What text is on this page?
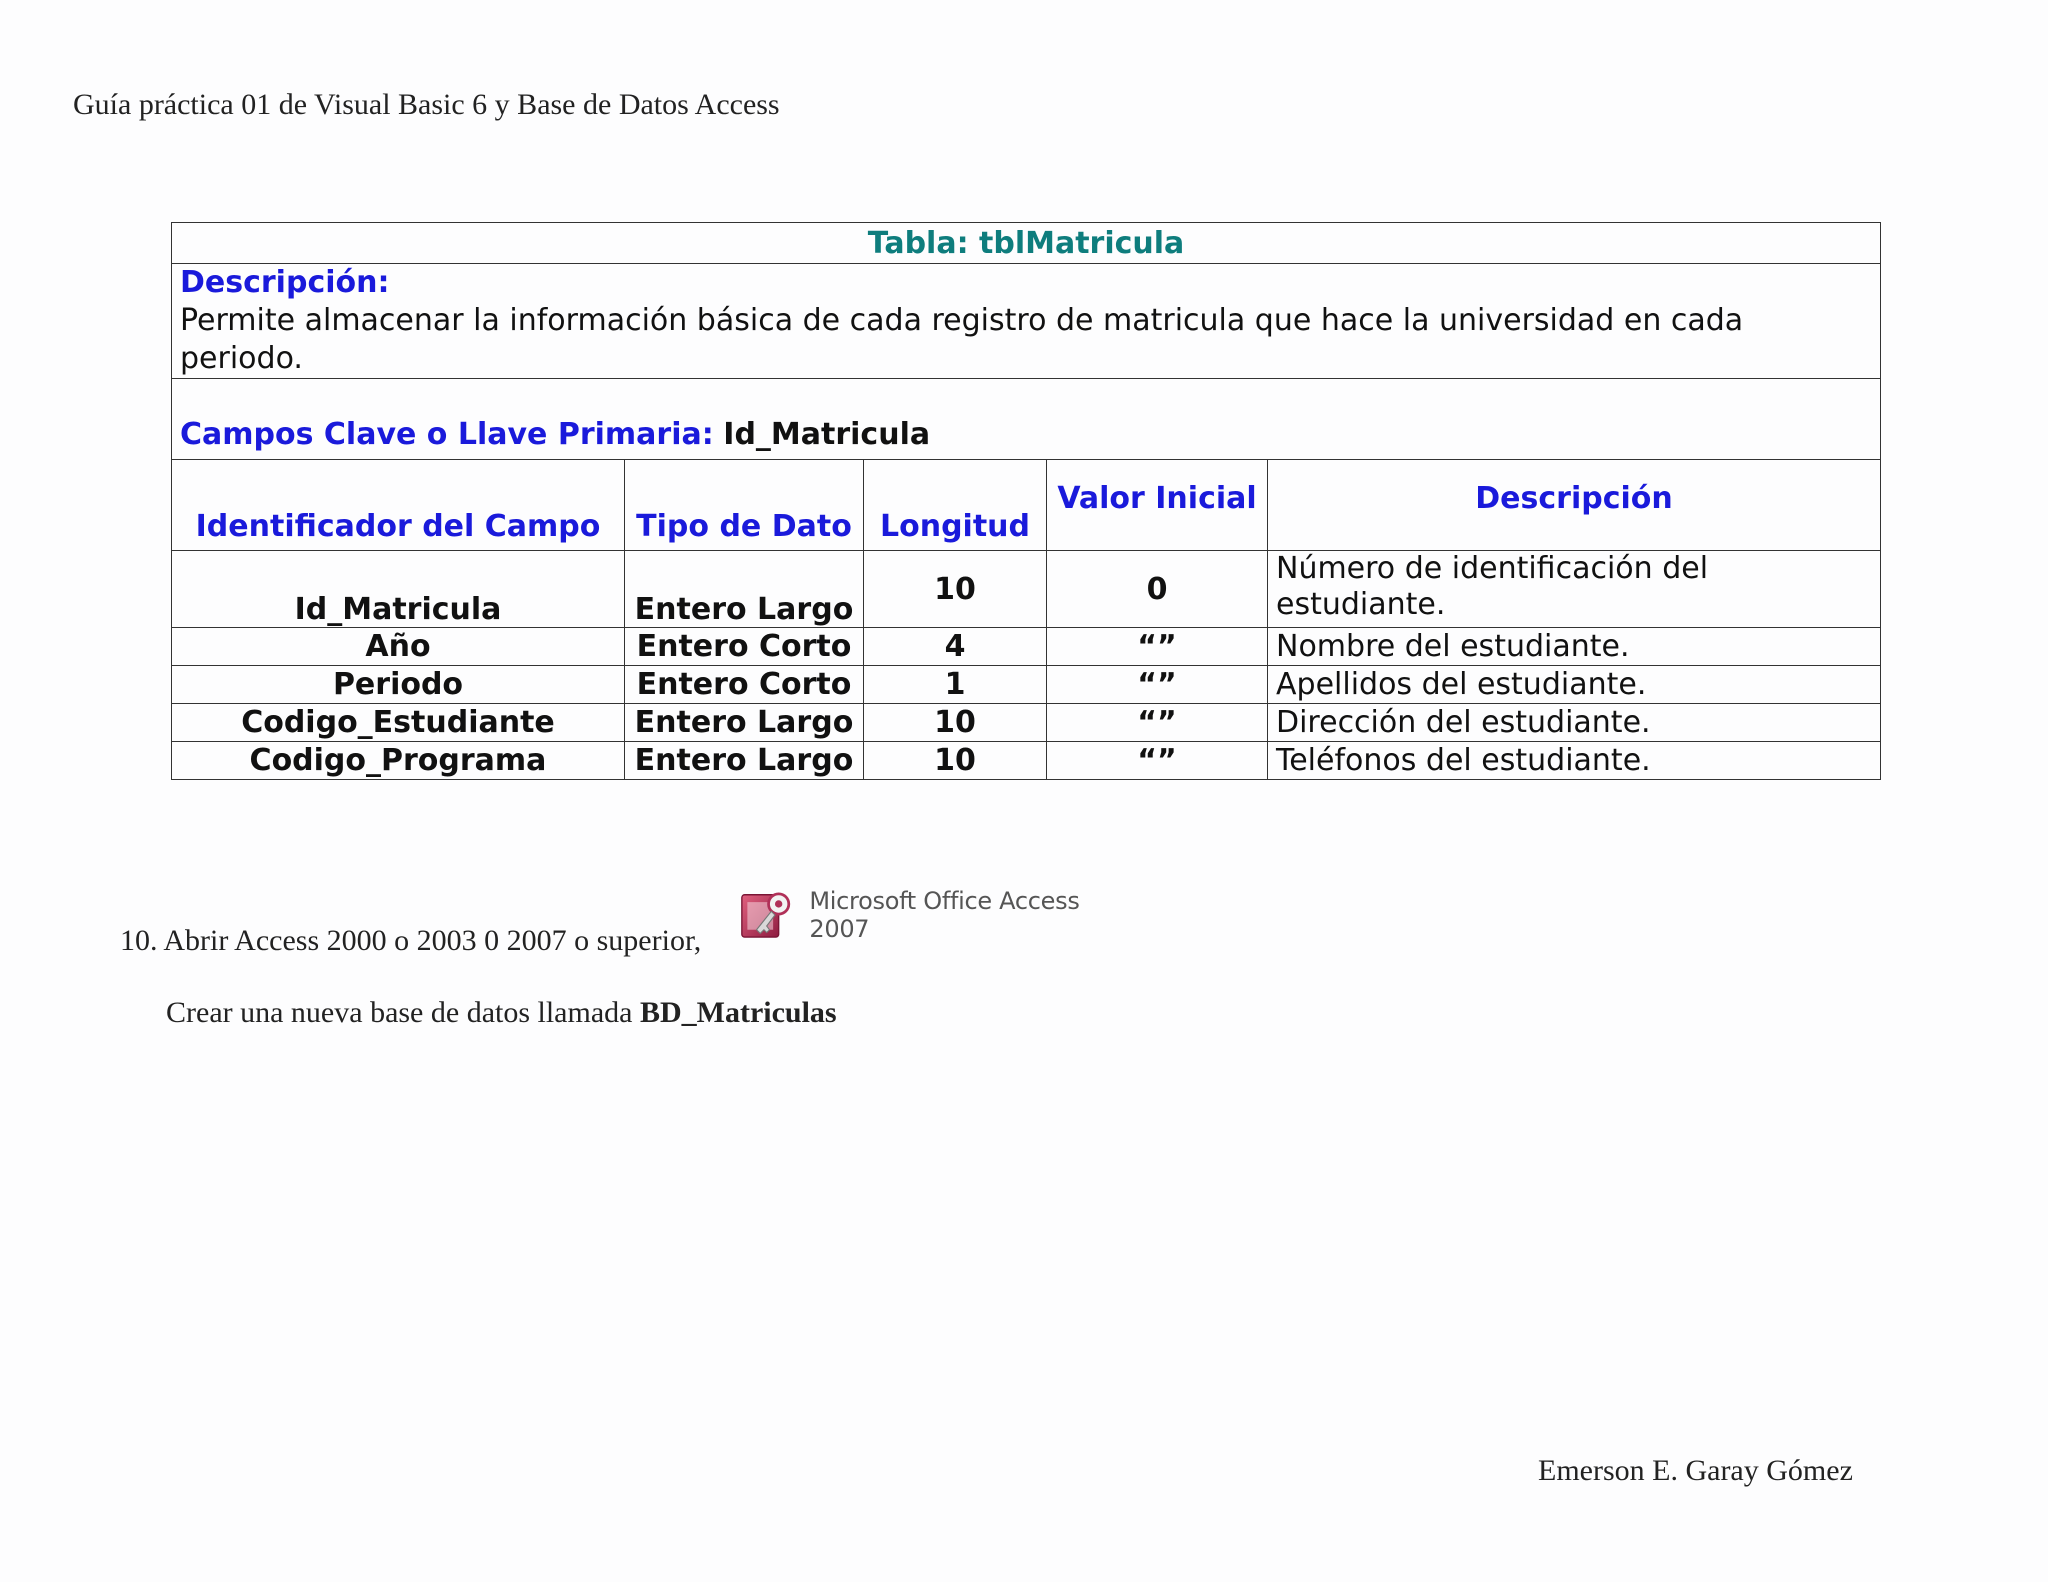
Guía práctica 01 de Visual Basic 6 y Base de Datos Access
Tabla: tblMatricula				

Descripción:
Permite almacenar la información básica de cada registro de matricula que hace la universidad en cada periodo.				

Campos Clave o Llave Primaria: Id_Matricula				
Identificador del Campo	Tipo de Dato	Longitud	Valor Inicial	Descripción
Id_Matricula	Entero Largo	10	0	Número de identificación del estudiante.
Año	Entero Corto	4	“”	Nombre del estudiante.
Periodo	Entero Corto	1	“”	Apellidos del estudiante.
Codigo_Estudiante	Entero Largo	10	“”	Dirección del estudiante.
Codigo_Programa	Entero Largo	10	“”	Teléfonos del estudiante.
10. Abrir Access 2000 o 2003 0 2007 o superior,
Microsoft Office Access 2007
Crear una nueva base de datos llamada BD_Matriculas
Emerson E. Garay Gómez
